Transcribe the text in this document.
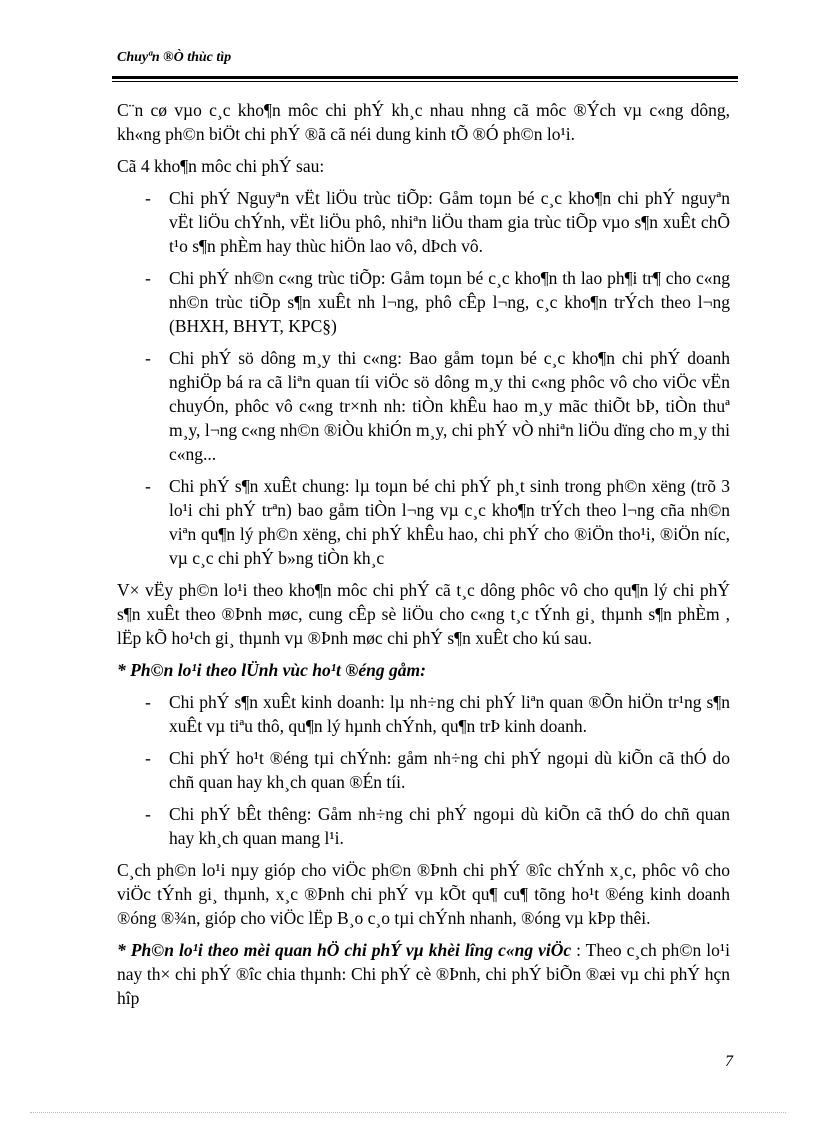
Chuyªn ®Ò thùc tìp

C¨n cø vµo c¸c kho¶n môc chi phÝ kh¸c nhau nhng cã môc ®Ých vµ c«ng dông, kh«ng ph©n biÖt chi phÝ ®ã cã néi dung kinh tÕ ®Ó ph©n lo¹i.

Cã 4 kho¶n môc chi phÝ sau:

- Chi phÝ Nguyªn vËt liÖu trùc tiÕp: Gåm toµn bé c¸c kho¶n chi phÝ nguyªn vËt liÖu chÝnh, vËt liÖu phô, nhiªn liÖu tham gia trùc tiÕp vµo s¶n xuÊt chÕ t¹o s¶n phÈm hay thùc hiÖn lao vô, dÞch vô.
- Chi phÝ nh©n c«ng trùc tiÕp: Gåm toµn bé c¸c kho¶n th lao ph¶i tr¶ cho c«ng nh©n trùc tiÕp s¶n xuÊt nh l¬ng, phô cÊp l¬ng, c¸c kho¶n trÝch theo l¬ng (BHXH, BHYT, KPC§)
- Chi phÝ sö dông m¸y thi c«ng: Bao gåm toµn bé c¸c kho¶n chi phÝ doanh nghiÖp bá ra cã liªn quan tíi viÖc sö dông m¸y thi c«ng phôc vô cho viÖc vËn chuyÓn, phôc vô c«ng tr×nh nh: tiÒn khÊu hao m¸y mãc thiÕt bÞ, tiÒn thuª m¸y, l¬ng c«ng nh©n ®iÒu khiÓn m¸y, chi phÝ vÒ nhiªn liÖu dïng cho m¸y thi c«ng...
- Chi phÝ s¶n xuÊt chung: lµ toµn bé chi phÝ ph¸t sinh trong ph©n xëng (trõ 3 lo¹i chi phÝ trªn) bao gåm tiÒn l¬ng vµ c¸c kho¶n trÝch theo l¬ng cña nh©n viªn qu¶n lý ph©n xëng, chi phÝ khÊu hao, chi phÝ cho ®iÖn tho¹i, ®iÖn níc, vµ c¸c chi phÝ b»ng tiÒn kh¸c

V× vËy ph©n lo¹i theo kho¶n môc chi phÝ cã t¸c dông phôc vô cho qu¶n lý chi phÝ s¶n xuÊt theo ®Þnh møc, cung cÊp sè liÖu cho c«ng t¸c tÝnh gi¸ thµnh s¶n phÈm , lËp kÕ ho¹ch gi¸ thµnh vµ ®Þnh møc chi phÝ s¶n xuÊt cho kú sau.

* Ph©n lo¹i theo lÜnh vùc ho¹t ®éng gåm:

- Chi phÝ s¶n xuÊt kinh doanh: lµ nh÷ng chi phÝ liªn quan ®Õn hiÖn tr¹ng s¶n xuÊt vµ tiªu thô, qu¶n lý hµnh chÝnh, qu¶n trÞ kinh doanh.
- Chi phÝ ho¹t ®éng tµi chÝnh: gåm nh÷ng chi phÝ ngoµi dù kiÕn cã thÓ do chñ quan hay kh¸ch quan ®Én tíi.
- Chi phÝ bÊt thêng: Gåm nh÷ng chi phÝ ngoµi dù kiÕn cã thÓ do chñ quan hay kh¸ch quan mang l¹i.

C¸ch ph©n lo¹i nµy gióp cho viÖc ph©n ®Þnh chi phÝ ®îc chÝnh x¸c, phôc vô cho viÖc tÝnh gi¸ thµnh, x¸c ®Þnh chi phÝ vµ kÕt qu¶ cu¶ tõng ho¹t ®éng kinh doanh ®óng ®¾n, gióp cho viÖc lËp B¸o c¸o tµi chÝnh nhanh, ®óng vµ kÞp thêi.

* Ph©n lo¹i theo mèi quan hÖ chi phÝ vµ khèi lîng c«ng viÖc : Theo c¸ch ph©n lo¹i nay th× chi phÝ ®îc chia thµnh: Chi phÝ cè ®Þnh, chi phÝ biÕn ®æi vµ chi phÝ hçn hîp

7
